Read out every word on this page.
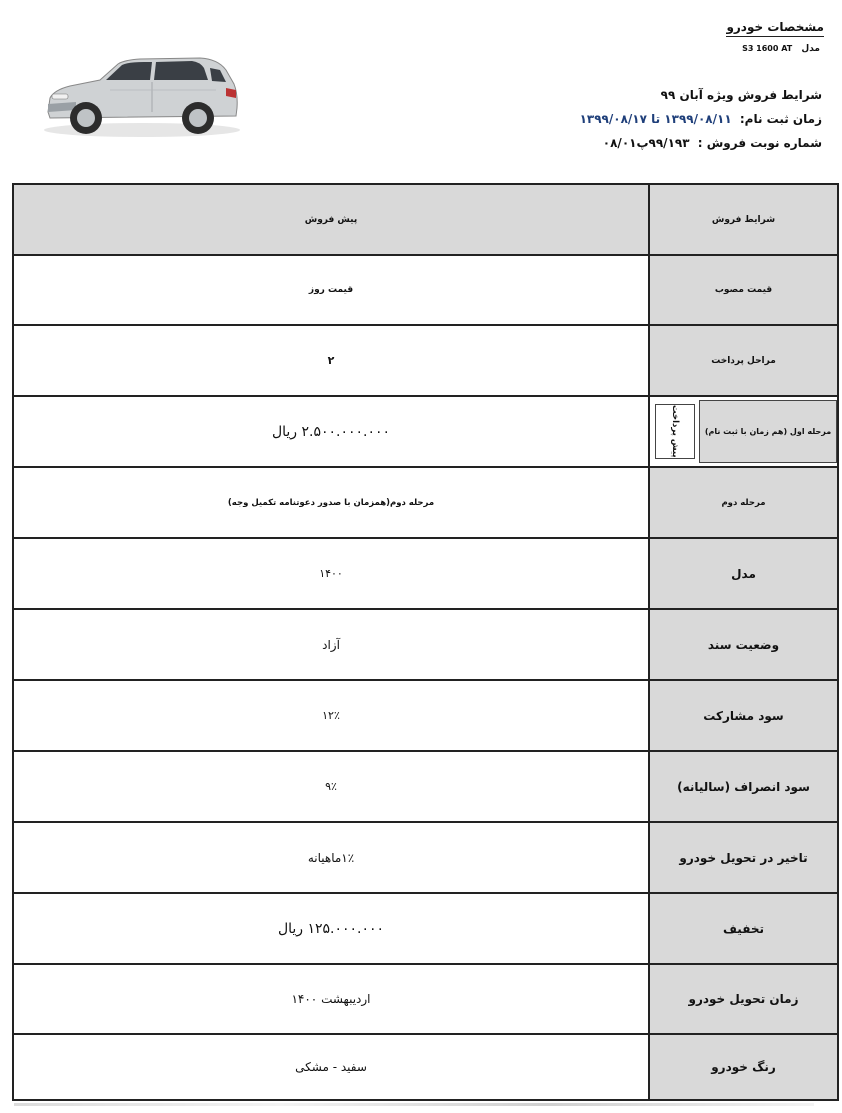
مشخصات خودرو
مدل S3 1600 AT
شرایط فروش ویژه آبان ۹۹
زمان ثبت نام: ۱۳۹۹/۰۸/۱۱ تا ۱۳۹۹/۰۸/۱۷
شماره نوبت فروش : ۹۹/۱۹۳پ۰۸/۰۱
پیش فروش	شرایط فروش
قیمت روز	قیمت مصوب
۲	مراحل پرداخت
۲.۵۰۰.۰۰۰.۰۰۰ ریال	مرحله اول (هم زمان با ثبت نام)
پیش پرداخت
مرحله دوم(همزمان با صدور دعوتنامه تکمیل وجه)	مرحله دوم
۱۴۰۰	مدل
آزاد	وضعیت سند
۱۲٪	سود مشارکت
۹٪	سود انصراف (سالیانه)
۱٪ماهیانه	تاخیر در تحویل خودرو
۱۲۵.۰۰۰.۰۰۰ ریال	تخفیف
اردیبهشت ۱۴۰۰	زمان تحویل خودرو
سفید - مشکی	رنگ خودرو
